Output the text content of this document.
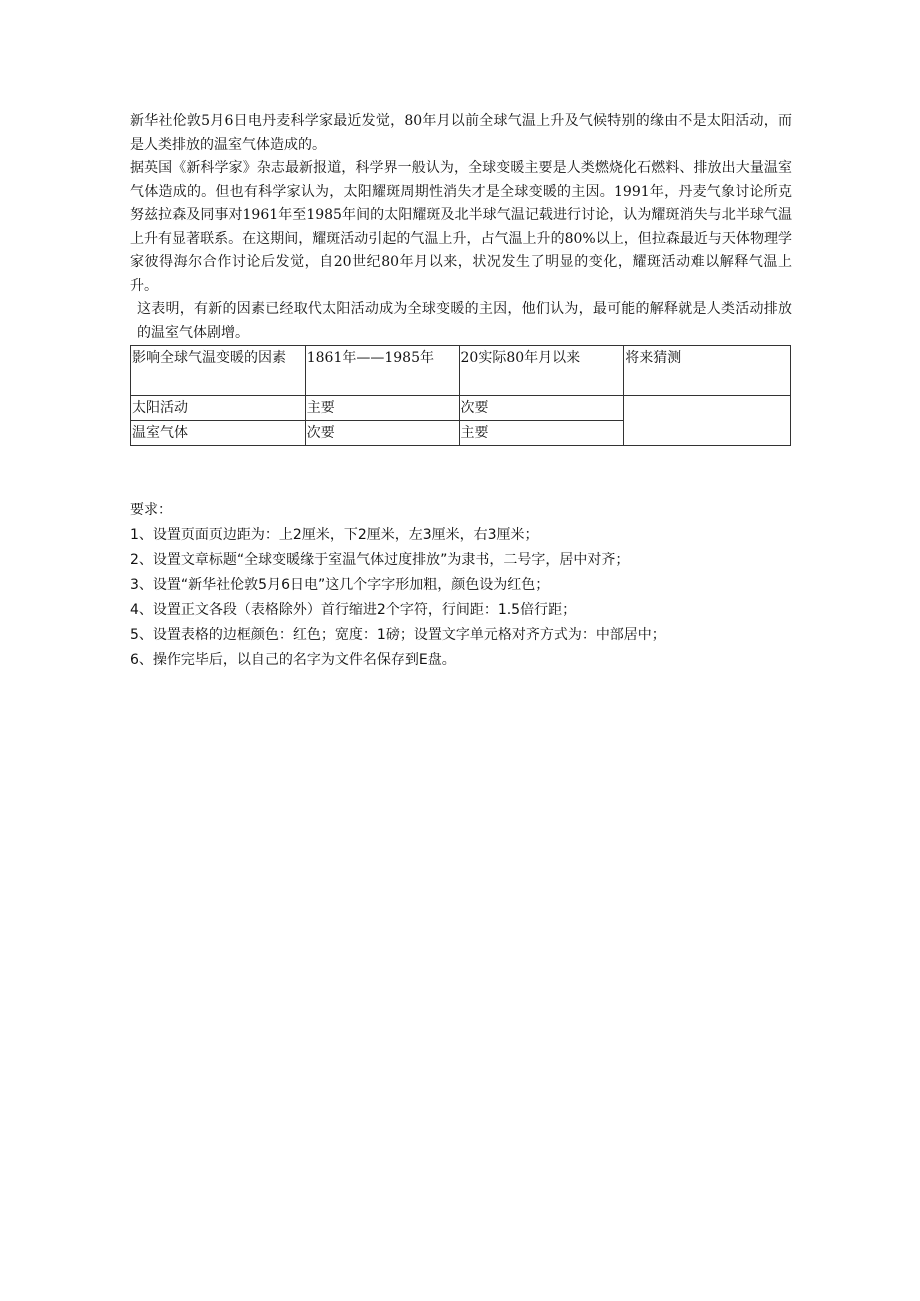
新华社伦敦5月6日电丹麦科学家最近发觉，80年月以前全球气温上升及气候特别的缘由不是太阳活动，而是人类排放的温室气体造成的。

据英国《新科学家》杂志最新报道，科学界一般认为，全球变暖主要是人类燃烧化石燃料、排放出大量温室气体造成的。但也有科学家认为，太阳耀斑周期性消失才是全球变暖的主因。1991年，丹麦气象讨论所克努兹拉森及同事对1961年至1985年间的太阳耀斑及北半球气温记载进行讨论，认为耀斑消失与北半球气温上升有显著联系。在这期间，耀斑活动引起的气温上升，占气温上升的80%以上，但拉森最近与天体物理学家彼得海尔合作讨论后发觉，自20世纪80年月以来，状况发生了明显的变化，耀斑活动难以解释气温上升。

这表明，有新的因素已经取代太阳活动成为全球变暖的主因，他们认为，最可能的解释就是人类活动排放的温室气体剧增。

影响全球气温变暖的因素	1861年——1985年	20实际80年月以来	将来猜测
太阳活动	主要	次要	
温室气体	次要	主要	

要求：

1、设置页面页边距为：上2厘米，下2厘米，左3厘米，右3厘米；

2、设置文章标题“全球变暖缘于室温气体过度排放”为隶书，二号字，居中对齐；

3、设置“新华社伦敦5月6日电”这几个字字形加粗，颜色设为红色；

4、设置正文各段（表格除外）首行缩进2个字符，行间距：1.5倍行距；

5、设置表格的边框颜色：红色；宽度：1磅；设置文字单元格对齐方式为：中部居中；

6、操作完毕后，以自己的名字为文件名保存到E盘。
